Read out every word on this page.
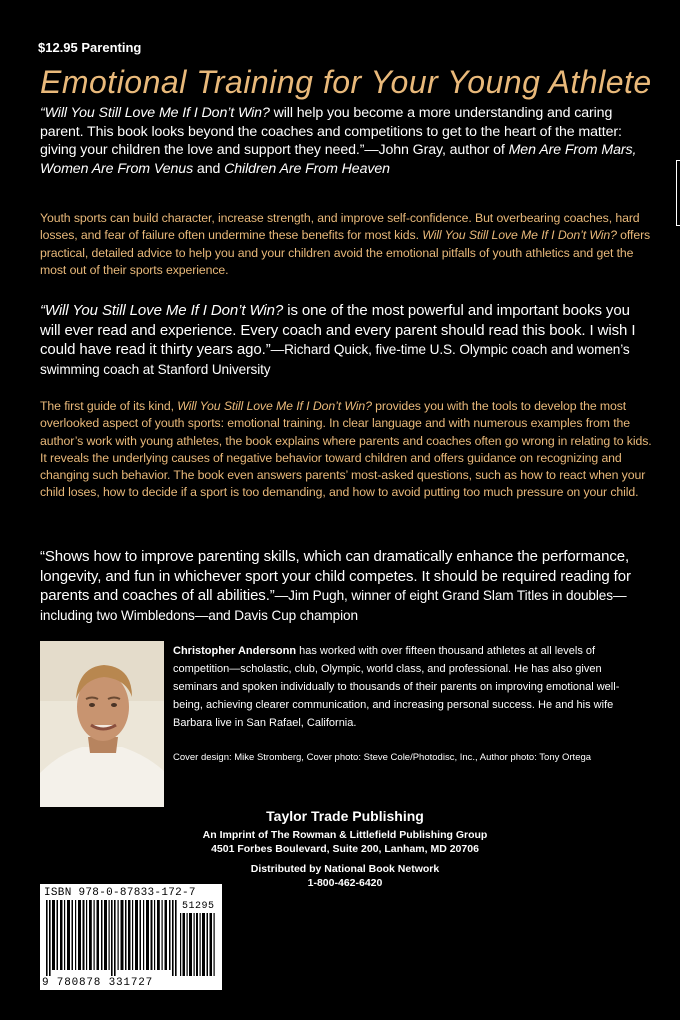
$12.95 Parenting
Emotional Training for Your Young Athlete
“Will You Still Love Me If I Don’t Win? will help you become a more understanding and caring parent. This book looks beyond the coaches and competitions to get to the heart of the matter: giving your children the love and support they need.”—John Gray, author of Men Are From Mars, Women Are From Venus and Children Are From Heaven
Youth sports can build character, increase strength, and improve self-confidence. But overbearing coaches, hard losses, and fear of failure often undermine these benefits for most kids. Will You Still Love Me If I Don’t Win? offers practical, detailed advice to help you and your children avoid the emotional pitfalls of youth athletics and get the most out of their sports experience.
“Will You Still Love Me If I Don’t Win? is one of the most powerful and important books you will ever read and experience. Every coach and every parent should read this book. I wish I could have read it thirty years ago.”—Richard Quick, five-time U.S. Olympic coach and women’s swimming coach at Stanford University
The first guide of its kind, Will You Still Love Me If I Don’t Win? provides you with the tools to develop the most overlooked aspect of youth sports: emotional training. In clear language and with numerous examples from the author’s work with young athletes, the book explains where parents and coaches often go wrong in relating to kids. It reveals the underlying causes of negative behavior toward children and offers guidance on recognizing and changing such behavior. The book even answers parents’ most-asked questions, such as how to react when your child loses, how to decide if a sport is too demanding, and how to avoid putting too much pressure on your child.
“Shows how to improve parenting skills, which can dramatically enhance the performance, longevity, and fun in whichever sport your child competes. It should be required reading for parents and coaches of all abilities.”—Jim Pugh, winner of eight Grand Slam Titles in doubles—including two Wimbledons—and Davis Cup champion
Christopher Andersonn has worked with over fifteen thousand athletes at all levels of competition—scholastic, club, Olympic, world class, and professional. He has also given seminars and spoken individually to thousands of their parents on improving emotional well-being, achieving clearer communication, and increasing personal success. He and his wife Barbara live in San Rafael, California.
Cover design: Mike Stromberg, Cover photo: Steve Cole/Photodisc, Inc., Author photo: Tony Ortega
Taylor Trade Publishing
An Imprint of The Rowman & Littlefield Publishing Group
4501 Forbes Boulevard, Suite 200, Lanham, MD 20706
Distributed by National Book Network
1-800-462-6420
ISBN 978-0-87833-172-7
51295
9 780878 331727
